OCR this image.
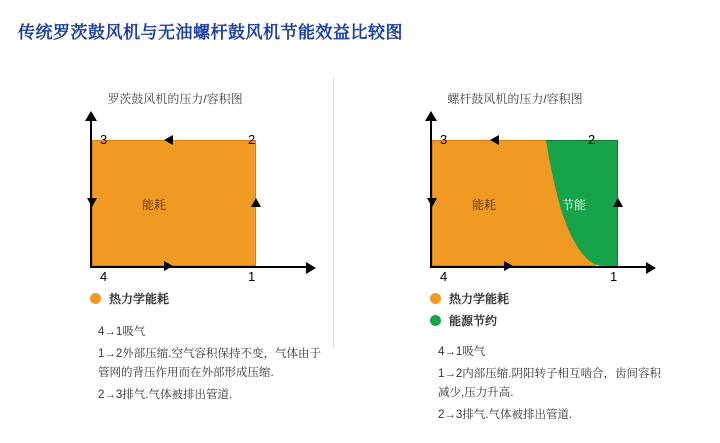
传统罗茨鼓风机与无油螺杆鼓风机节能效益比较图
罗茨鼓风机的压力/容积图
能耗
3	2
4	1
热力学能耗
4→1吸气
1→2外部压缩.空气容积保持不变，气体由于管网的背压作用而在外部形成压缩.
2→3排气.气体被排出管道.
螺杆鼓风机的压力/容积图
能耗	节能
3	2
4	1
热力学能耗
能源节约
4→1吸气
1→2内部压缩.阴阳转子相互啮合，齿间容积减少,压力升高.
2→3排气.气体被排出管道.
